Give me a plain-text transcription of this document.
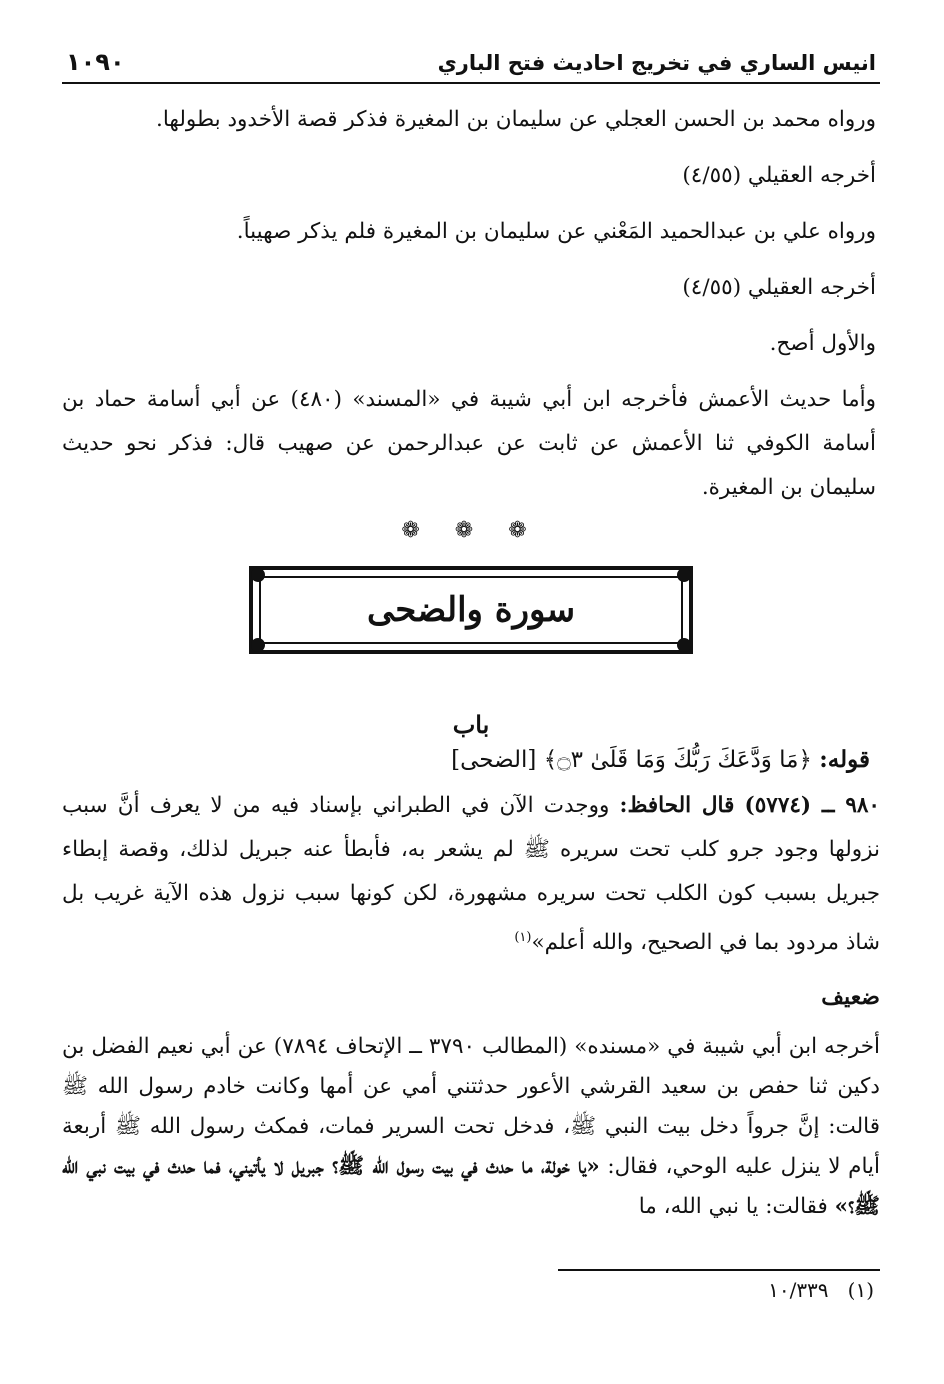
انيس الساري في تخريج احاديث فتح الباري
١٠٩٠

ورواه محمد بن الحسن العجلي عن سليمان بن المغيرة فذكر قصة الأخدود بطولها.

أخرجه العقيلي (٤/٥٥)

ورواه علي بن عبدالحميد المَعْني عن سليمان بن المغيرة فلم يذكر صهيباً.

أخرجه العقيلي (٤/٥٥)

والأول أصح.

وأما حديث الأعمش فأخرجه ابن أبي شيبة في «المسند» (٤٨٠) عن أبي أسامة حماد بن أسامة الكوفي ثنا الأعمش عن ثابت عن عبدالرحمن عن صهيب قال: فذكر نحو حديث سليمان بن المغيرة.

❁ ❁ ❁
سورة والضحى
باب
قوله: ﴿مَا وَدَّعَكَ رَبُّكَ وَمَا قَلَىٰ ۝٣﴾ [الضحى]

٩٨٠ ــ (٥٧٧٤) قال الحافظ: ووجدت الآن في الطبراني بإسناد فيه من لا يعرف أنَّ سبب نزولها وجود جرو كلب تحت سريره ﷺ لم يشعر به، فأبطأ عنه جبريل لذلك، وقصة إبطاء جبريل بسبب كون الكلب تحت سريره مشهورة، لكن كونها سبب نزول هذه الآية غريب بل شاذ مردود بما في الصحيح، والله أعلم»$^{(١)}$

ضعيف

أخرجه ابن أبي شيبة في «مسنده» (المطالب ٣٧٩٠ ــ الإتحاف ٧٨٩٤) عن أبي نعيم الفضل بن دكين ثنا حفص بن سعيد القرشي الأعور حدثتني أمي عن أمها وكانت خادم رسول الله ﷺ قالت: إنَّ جرواً دخل بيت النبي ﷺ، فدخل تحت السرير فمات، فمكث رسول الله ﷺ أربعة أيام لا ينزل عليه الوحي، فقال: «يا خولة، ما حدث في بيت رسول الله ﷺ؟ جبريل لا يأتيني، فما حدث في بيت نبي الله ﷺ؟» فقالت: يا نبي الله، ما

(١)   ١٠/٣٣٩
